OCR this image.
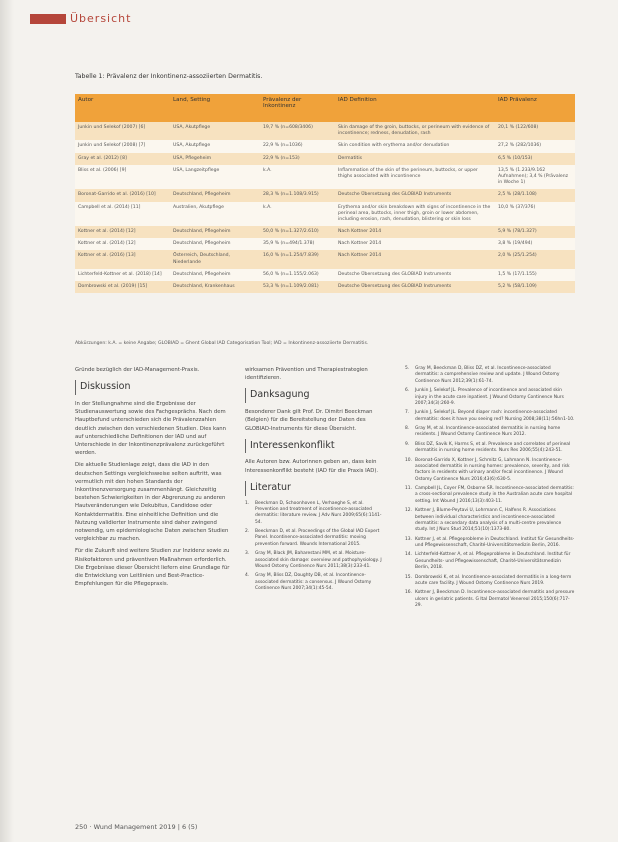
Übersicht
Tabelle 1: Prävalenz der Inkontinenz-assoziierten Dermatitis.
Autor	Land, Setting	Prävalenz der Inkontinenz	IAD Definition	IAD Prävalenz
Junkin und Selekof (2007) [6]	USA, Akutpflege	19,7 % (n=608/3406)	Skin damage of the groin, buttocks, or perineum with evidence of incontinence; redness, denudation, rash	20,1 % (122/608)
Junkin und Selekof (2008) [7]	USA, Akutpflege	22,9 % (n=1036)	Skin condition with erythema and/or denudation	27,2 % (282/1036)
Gray et al. (2012) [8]	USA, Pflegeheim	22,9 % (n=153)	Dermatitis	6,5 % (10/153)
Bliss et al. (2006) [9]	USA, Langzeitpflege	k.A.	Inflammation of the skin of the perineum, buttocks, or upper thighs associated with incontinence	13,5 % (1.233/9.162 Aufnahmen); 3,4 % (Prävalenz in Woche 1)
Boronat-Garrido et al. (2016) [10]	Deutschland, Pflegeheim	28,3 % (n=1.108/3.915)	Deutsche Übersetzung des GLOBIAD Instruments	2,5 % (28/1.108)
Campbell et al. (2014) [11]	Australien, Akutpflege	k.A.	Erythema and/or skin breakdown with signs of incontinence in the perineal area, buttocks, inner thigh, groin or lower abdomen, including erosion, rash, denudation, blistering or skin loss	10,0 % (37/376)
Kottner et al. (2014) [12]	Deutschland, Pflegeheim	50,0 % (n=1.327/2.610)	Nach Kottner 2014	5,9 % (78/1.327)
Kottner et al. (2014) [12]	Deutschland, Pflegeheim	35,9 % (n=494/1.378)	Nach Kottner 2014	3,8 % (19/494)
Kottner et al. (2016) [13]	Österreich, Deutschland, Niederlande	16,0 % (n=1.254/7.839)	Nach Kottner 2014	2,0 % (25/1.254)
Lichterfeld-Kottner et al. (2018) [14]	Deutschland, Pflegeheim	56,0 % (n=1.155/2.063)	Deutsche Übersetzung des GLOBIAD Instruments	1,5 % (17/1.155)
Dombrowski et al. (2019) [15]	Deutschland, Krankenhaus	53,3 % (n=1.109/2.081)	Deutsche Übersetzung des GLOBIAD Instruments	5,2 % (58/1.109)
Abkürzungen: k.A. = keine Angabe; GLOBIAD = Ghent Global IAD Categorisation Tool; IAD = Inkontinenz-assoziierte Dermatitis.

Gründe bezüglich der IAD-Management-Praxis.

Diskussion

In der Stellungnahme sind die Ergebnisse der Studienauswertung sowie des Fachgesprächs. Nach dem Hauptbefund unterschieden sich die Prävalenzzahlen deutlich zwischen den verschiedenen Studien. Dies kann auf unterschiedliche Definitionen der IAD und auf Unterschiede in der Inkontinenzprävalenz zurückgeführt werden.

Die aktuelle Studienlage zeigt, dass die IAD in den deutschen Settings vergleichsweise selten auftritt, was vermutlich mit den hohen Standards der Inkontinenzversorgung zusammenhängt. Gleichzeitig bestehen Schwierigkeiten in der Abgrenzung zu anderen Hautveränderungen wie Dekubitus, Candidose oder Kontaktdermatitis. Eine einheitliche Definition und die Nutzung validierter Instrumente sind daher zwingend notwendig, um epidemiologische Daten zwischen Studien vergleichbar zu machen.

Für die Zukunft sind weitere Studien zur Inzidenz sowie zu Risikofaktoren und präventiven Maßnahmen erforderlich. Die Ergebnisse dieser Übersicht liefern eine Grundlage für die Entwicklung von Leitlinien und Best-Practice-Empfehlungen für die Pflegepraxis.

wirksamen Prävention und Therapiestrategien identifizieren.

Danksagung

Besonderer Dank gilt Prof. Dr. Dimitri Beeckman (Belgien) für die Bereitstellung der Daten des GLOBIAD-Instruments für diese Übersicht.

Interessenkonflikt

Alle Autoren bzw. Autorinnen geben an, dass kein Interessenkonflikt besteht (IAD für die Praxis IAD).

Literatur
1.	Beeckman D, Schoonhoven L, Verhaeghe S, et al. Prevention and treatment of incontinence-associated dermatitis: literature review. J Adv Nurs 2009;65(6):1141-54.
2.	Beeckman D, et al. Proceedings of the Global IAD Expert Panel. Incontinence-associated dermatitis: moving prevention forward. Wounds International 2015.
3.	Gray M, Black JM, Baharestani MM, et al. Moisture-associated skin damage: overview and pathophysiology. J Wound Ostomy Continence Nurs 2011;38(3):233-41.
4.	Gray M, Bliss DZ, Doughty DB, et al. Incontinence-associated dermatitis: a consensus. J Wound Ostomy Continence Nurs 2007;34(1):45-54.
5.	Gray M, Beeckman D, Bliss DZ, et al. Incontinence-associated dermatitis: a comprehensive review and update. J Wound Ostomy Continence Nurs 2012;39(1):61-74.
6.	Junkin J, Selekof JL. Prevalence of incontinence and associated skin injury in the acute care inpatient. J Wound Ostomy Continence Nurs 2007;34(3):260-9.
7.	Junkin J, Selekof JL. Beyond diaper rash: incontinence-associated dermatitis: does it have you seeing red? Nursing 2008;38(11):56hn1-10.
8.	Gray M, et al. Incontinence-associated dermatitis in nursing home residents. J Wound Ostomy Continence Nurs 2012.
9.	Bliss DZ, Savik K, Harms S, et al. Prevalence and correlates of perineal dermatitis in nursing home residents. Nurs Res 2006;55(4):243-51.
10. Boronat-Garrido X, Kottner J, Schmitz G, Lahmann N. Incontinence-associated dermatitis in nursing homes: prevalence, severity, and risk factors in residents with urinary and/or fecal incontinence. J Wound Ostomy Continence Nurs 2016;43(6):630-5.
11. Campbell JL, Coyer FM, Osborne SR. Incontinence-associated dermatitis: a cross-sectional prevalence study in the Australian acute care hospital setting. Int Wound J 2016;13(3):403-11.
12. Kottner J, Blume-Peytavi U, Lohrmann C, Halfens R. Associations between individual characteristics and incontinence-associated dermatitis: a secondary data analysis of a multi-centre prevalence study. Int J Nurs Stud 2014;51(10):1373-80.
13. Kottner J, et al. Pflegeprobleme in Deutschland. Institut für Gesundheits- und Pflegewissenschaft, Charité-Universitätsmedizin Berlin, 2016.
14. Lichterfeld-Kottner A, et al. Pflegeprobleme in Deutschland. Institut für Gesundheits- und Pflegewissenschaft, Charité-Universitätsmedizin Berlin, 2018.
15. Dombrowski K, et al. Incontinence-associated dermatitis in a long-term acute care facility. J Wound Ostomy Continence Nurs 2019.
16. Kottner J, Beeckman D. Incontinence-associated dermatitis and pressure ulcers in geriatric patients. G Ital Dermatol Venereol 2015;150(6):717-29.
250 · Wund Management 2019 | 6 (5)
